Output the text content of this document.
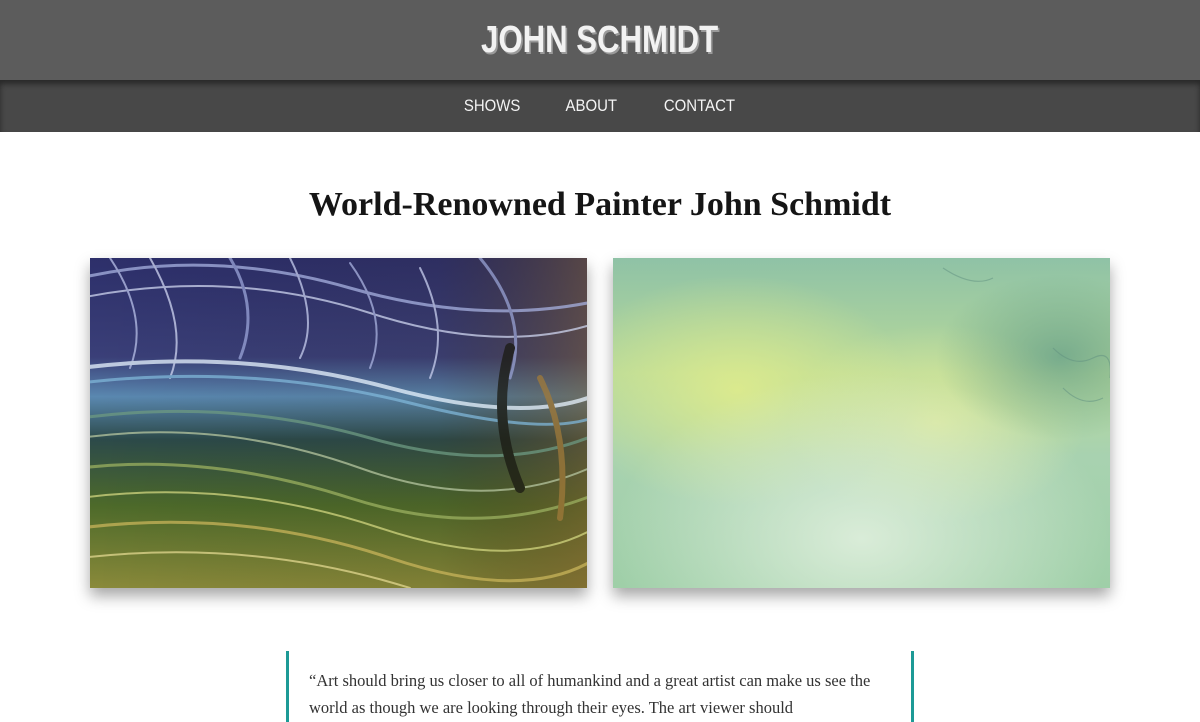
JOHN SCHMIDT
SHOWS	ABOUT	CONTACT
World-Renowned Painter John Schmidt

“Art should bring us closer to all of humankind and a great artist can make us see the world as though we are looking through their eyes. The art viewer should
